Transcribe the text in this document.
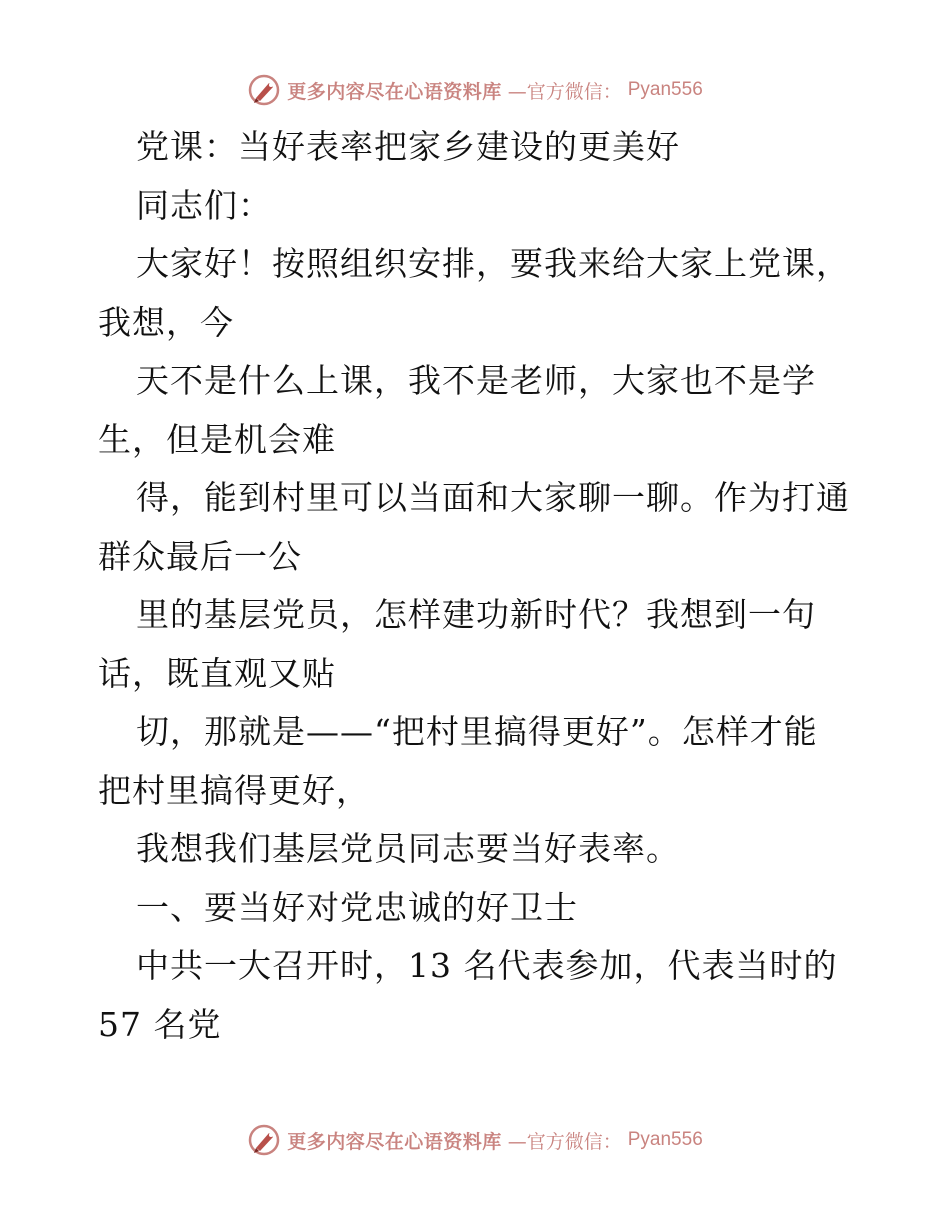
更多内容尽在心语资料库 —官方微信： Pyan556
党课：当好表率把家乡建设的更美好
同志们：
大家好！按照组织安排，要我来给大家上党课，
我想，今
天不是什么上课，我不是老师，大家也不是学
生，但是机会难
得，能到村里可以当面和大家聊一聊。作为打通
群众最后一公
里的基层党员，怎样建功新时代？我想到一句
话，既直观又贴
切，那就是——“把村里搞得更好”。怎样才能
把村里搞得更好，
我想我们基层党员同志要当好表率。
一、要当好对党忠诚的好卫士
中共一大召开时，13 名代表参加，代表当时的
57 名党
更多内容尽在心语资料库 —官方微信： Pyan556
